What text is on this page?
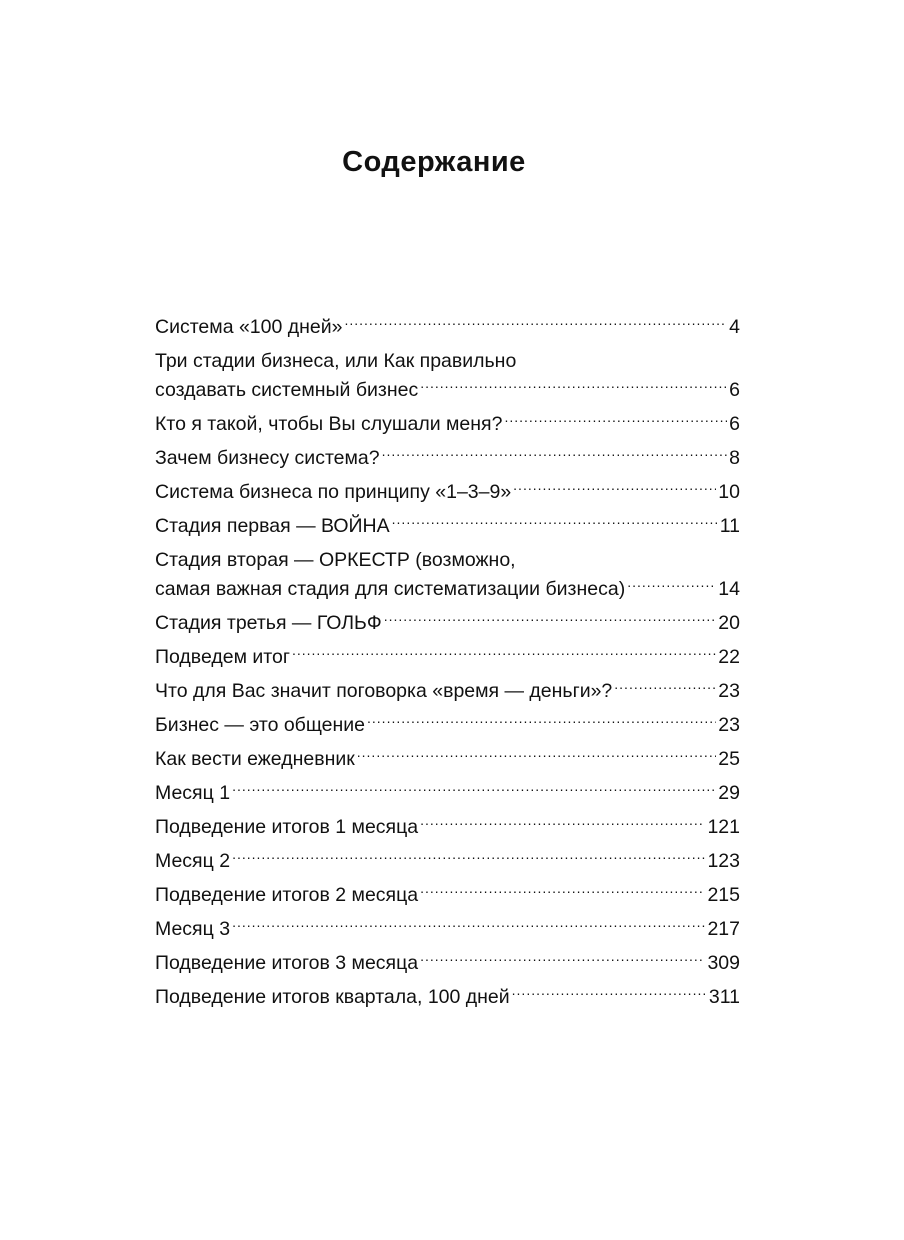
Содержание
Система «100 дней» .....	4
Три стадии бизнеса, или Как правильно
создавать системный бизнес .....	6
Кто я такой, чтобы Вы слушали меня? .....	6
Зачем бизнесу система? .....	8
Система бизнеса по принципу «1–3–9» .....	10
Стадия первая — ВОЙНА .....	11
Стадия вторая — ОРКЕСТР (возможно,
самая важная стадия для систематизации бизнеса) .....	14
Стадия третья — ГОЛЬФ .....	20
Подведем итог .....	22
Что для Вас значит поговорка «время — деньги»? .....	23
Бизнес — это общение .....	23
Как вести ежедневник .....	25
Месяц 1 .....	29
Подведение итогов 1 месяца .....	121
Месяц 2 .....	123
Подведение итогов 2 месяца .....	215
Месяц 3 .....	217
Подведение итогов 3 месяца .....	309
Подведение итогов квартала, 100 дней .....	311
